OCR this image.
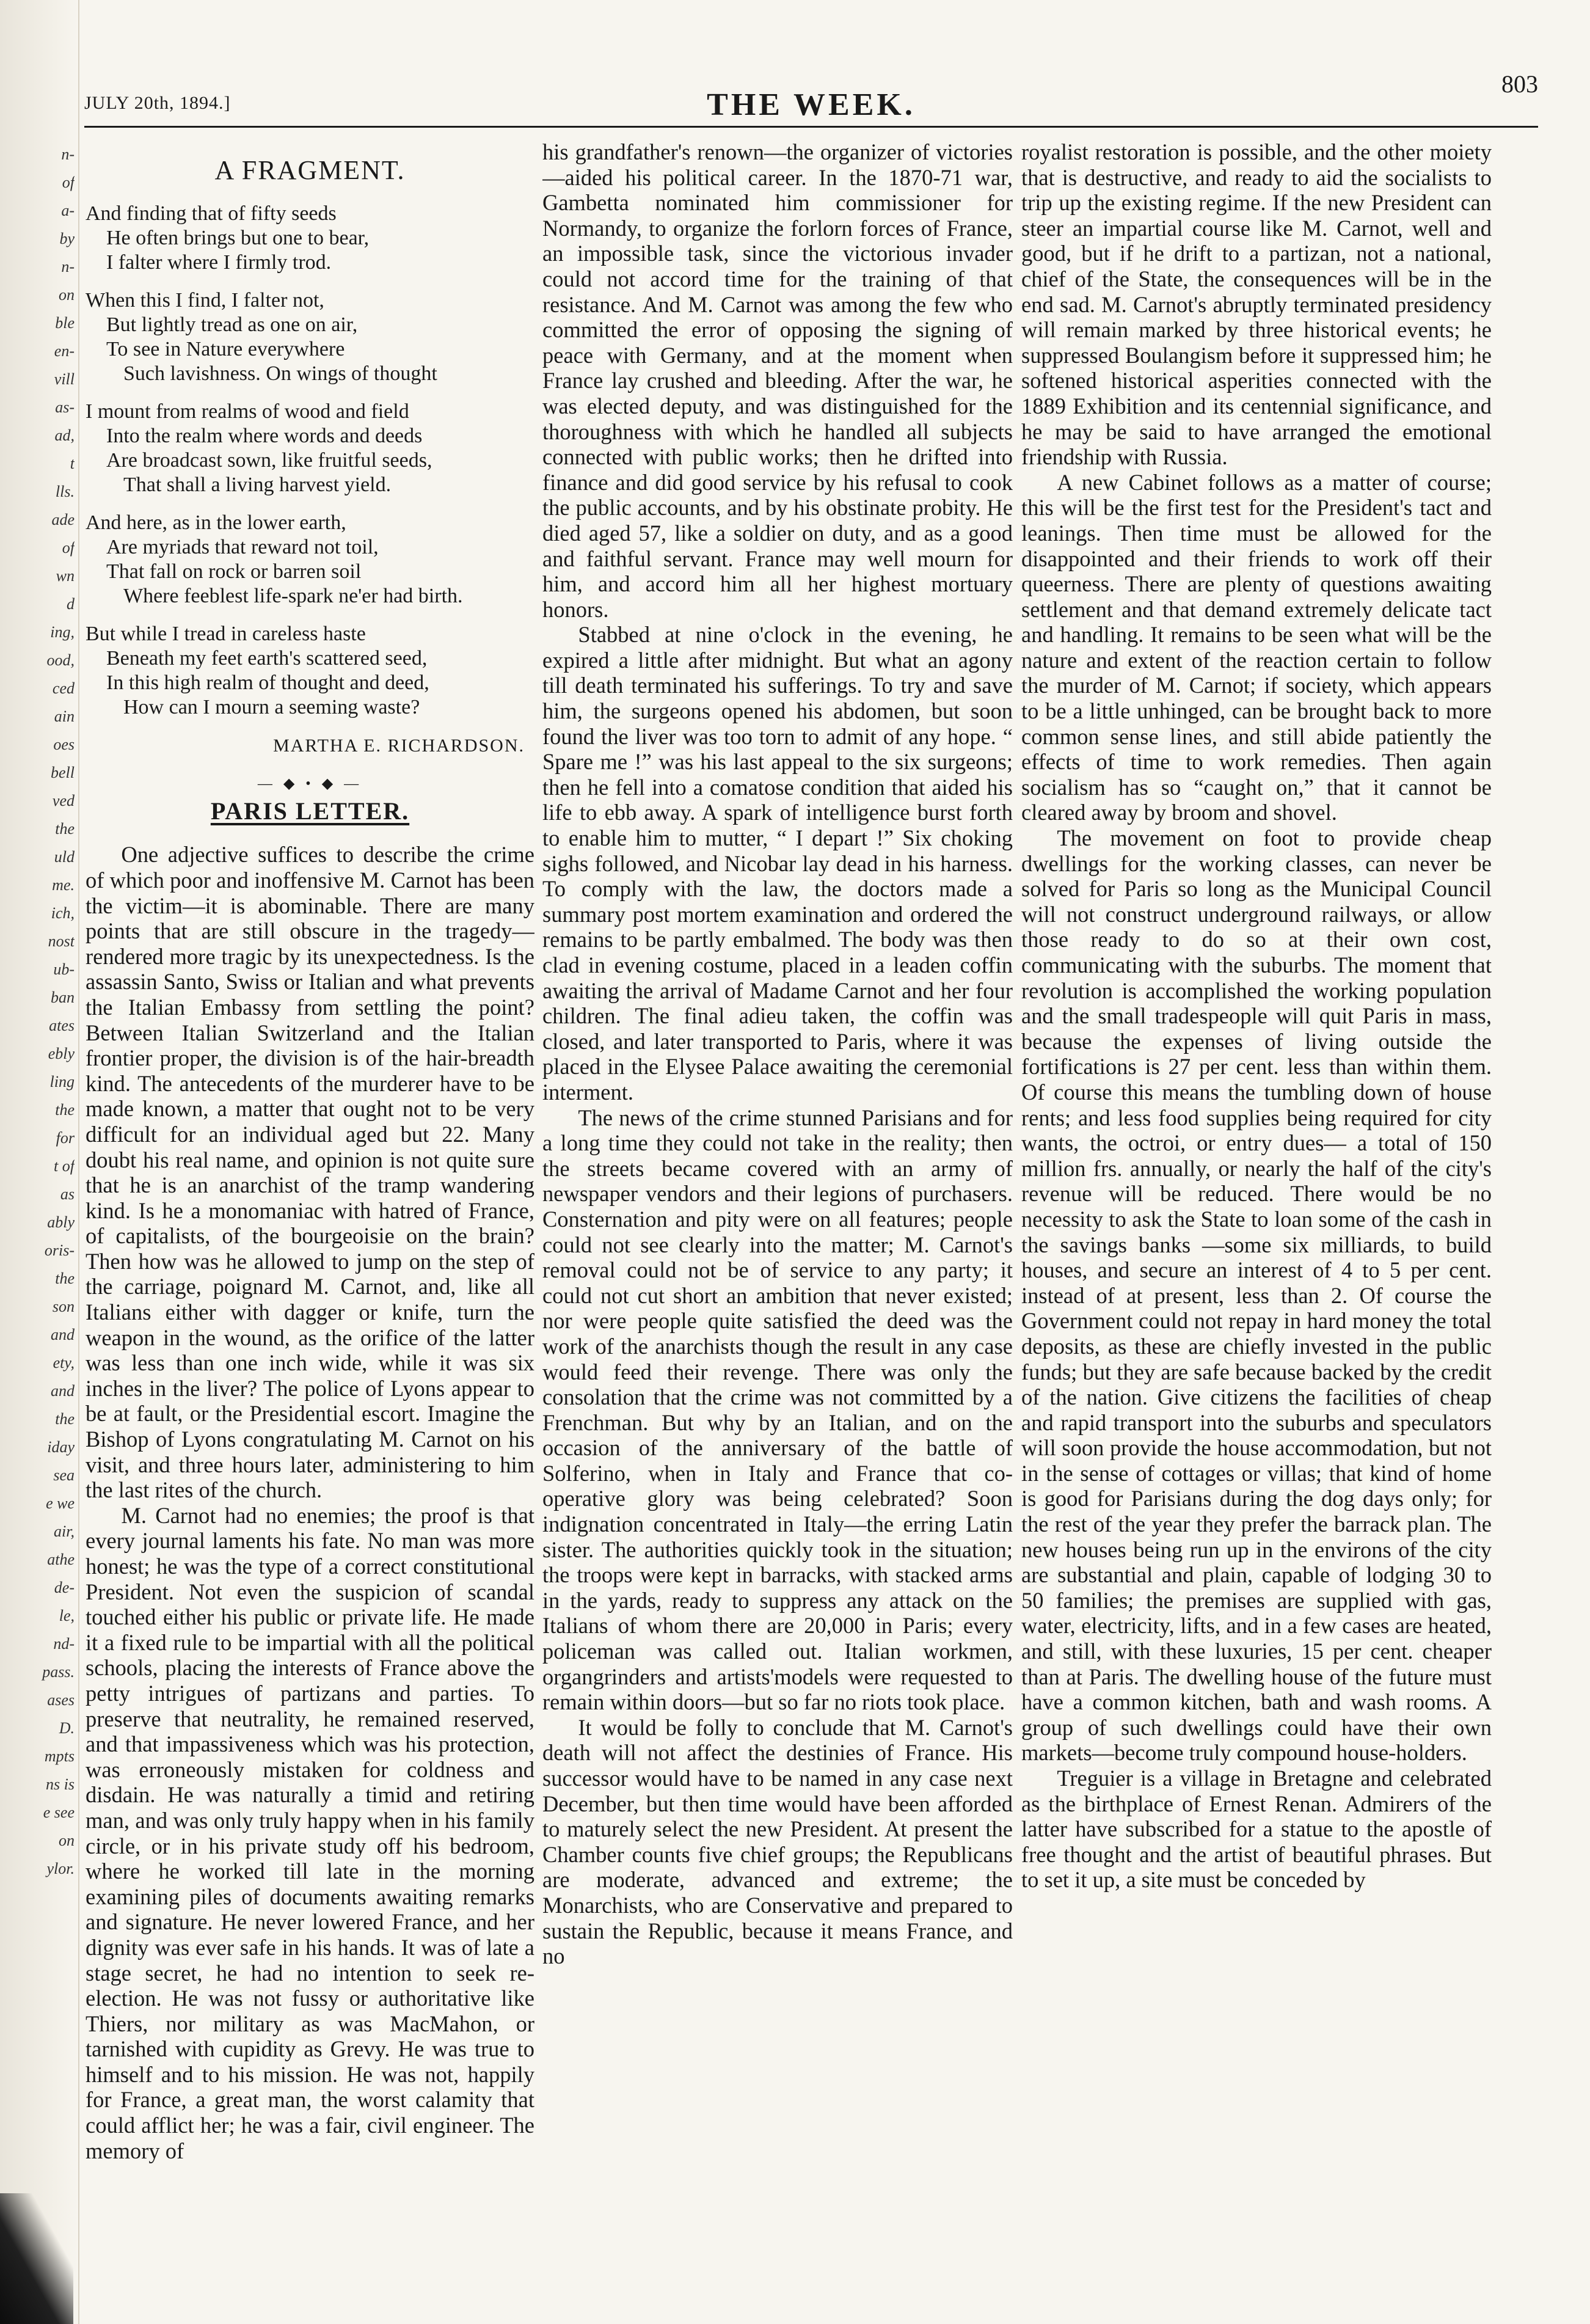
n-
of
a-
by
n-
on
ble
en-
vill
as-
ad,
t
lls.
ade
of
wn
d
ing,
ood,
ced
ain
oes
bell
ved
the
uld
me.
ich,
nost
ub-
ban
ates
ebly
ling
the
for
t of
as
ably
oris-
the
son
and
ety,
and
the
iday
sea
e we
air,
athe
de-
le,
nd-
pass.
ases
D.
mpts
ns is
e see
on
ylor.
JULY 20th, 1894.]	THE WEEK.
803
A FRAGMENT.
And finding that of fifty seeds
He often brings but one to bear,
I falter where I firmly trod.
When this I find, I falter not,
But lightly tread as one on air,
To see in Nature everywhere
Such lavishness. On wings of thought
I mount from realms of wood and field
Into the realm where words and deeds
Are broadcast sown, like fruitful seeds,
That shall a living harvest yield.
And here, as in the lower earth,
Are myriads that reward not toil,
That fall on rock or barren soil
Where feeblest life-spark ne'er had birth.
But while I tread in careless haste
Beneath my feet earth's scattered seed,
In this high realm of thought and deed,
How can I mourn a seeming waste?
MARTHA E. RICHARDSON.
— ◆ • ◆ —
PARIS LETTER.

One adjective suffices to describe the crime of which poor and inoffensive M. Carnot has been the victim—it is abominable. There are many points that are still obscure in the tragedy—rendered more tragic by its unexpectedness. Is the assassin Santo, Swiss or Italian and what prevents the Italian Embassy from settling the point? Between Italian Switzerland and the Italian frontier proper, the division is of the hair-breadth kind. The antecedents of the murderer have to be made known, a matter that ought not to be very difficult for an individual aged but 22. Many doubt his real name, and opinion is not quite sure that he is an anarchist of the tramp wandering kind. Is he a monomaniac with hatred of France, of capitalists, of the bourgeoisie on the brain? Then how was he allowed to jump on the step of the carriage, poignard M. Carnot, and, like all Italians either with dagger or knife, turn the weapon in the wound, as the orifice of the latter was less than one inch wide, while it was six inches in the liver? The police of Lyons appear to be at fault, or the Presidential escort. Imagine the Bishop of Lyons congratulating M. Carnot on his visit, and three hours later, administering to him the last rites of the church.

M. Carnot had no enemies; the proof is that every journal laments his fate. No man was more honest; he was the type of a correct constitutional President. Not even the suspicion of scandal touched either his public or private life. He made it a fixed rule to be impartial with all the political schools, placing the interests of France above the petty intrigues of partizans and parties. To preserve that neutrality, he remained reserved, and that impassiveness which was his protection, was erroneously mistaken for coldness and disdain. He was naturally a timid and retiring man, and was only truly happy when in his family circle, or in his private study off his bedroom, where he worked till late in the morning examining piles of documents awaiting remarks and signature. He never lowered France, and her dignity was ever safe in his hands. It was of late a stage secret, he had no intention to seek re-election. He was not fussy or authoritative like Thiers, nor military as was MacMahon, or tarnished with cupidity as Grevy. He was true to himself and to his mission. He was not, happily for France, a great man, the worst calamity that could afflict her; he was a fair, civil engineer. The memory of

his grandfather's renown—the organizer of victories—aided his political career. In the 1870-71 war, Gambetta nominated him commissioner for Normandy, to organize the forlorn forces of France, an impossible task, since the victorious invader could not accord time for the training of that resistance. And M. Carnot was among the few who committed the error of opposing the signing of peace with Germany, and at the moment when France lay crushed and bleeding. After the war, he was elected deputy, and was distinguished for the thoroughness with which he handled all subjects connected with public works; then he drifted into finance and did good service by his refusal to cook the public accounts, and by his obstinate probity. He died aged 57, like a soldier on duty, and as a good and faithful servant. France may well mourn for him, and accord him all her highest mortuary honors.

Stabbed at nine o'clock in the evening, he expired a little after midnight. But what an agony till death terminated his sufferings. To try and save him, the surgeons opened his abdomen, but soon found the liver was too torn to admit of any hope. “ Spare me !” was his last appeal to the six surgeons; then he fell into a comatose condition that aided his life to ebb away. A spark of intelligence burst forth to enable him to mutter, “ I depart !” Six choking sighs followed, and Nicobar lay dead in his harness. To comply with the law, the doctors made a summary post mortem examination and ordered the remains to be partly embalmed. The body was then clad in evening costume, placed in a leaden coffin awaiting the arrival of Madame Carnot and her four children. The final adieu taken, the coffin was closed, and later transported to Paris, where it was placed in the Elysee Palace awaiting the ceremonial interment.

The news of the crime stunned Parisians and for a long time they could not take in the reality; then the streets became covered with an army of newspaper vendors and their legions of purchasers. Consternation and pity were on all features; people could not see clearly into the matter; M. Carnot's removal could not be of service to any party; it could not cut short an ambition that never existed; nor were people quite satisfied the deed was the work of the anarchists though the result in any case would feed their revenge. There was only the consolation that the crime was not committed by a Frenchman. But why by an Italian, and on the occasion of the anniversary of the battle of Solferino, when in Italy and France that co-operative glory was being celebrated? Soon indignation concentrated in Italy—the erring Latin sister. The authorities quickly took in the situation; the troops were kept in barracks, with stacked arms in the yards, ready to suppress any attack on the Italians of whom there are 20,000 in Paris; every policeman was called out. Italian workmen, organgrinders and artists'models were requested to remain within doors—but so far no riots took place.

It would be folly to conclude that M. Carnot's death will not affect the destinies of France. His successor would have to be named in any case next December, but then time would have been afforded to maturely select the new President. At present the Chamber counts five chief groups; the Republicans are moderate, advanced and extreme; the Monarchists, who are Conservative and prepared to sustain the Republic, because it means France, and no

royalist restoration is possible, and the other moiety that is destructive, and ready to aid the socialists to trip up the existing regime. If the new President can steer an impartial course like M. Carnot, well and good, but if he drift to a partizan, not a national, chief of the State, the consequences will be in the end sad. M. Carnot's abruptly terminated presidency will remain marked by three historical events; he suppressed Boulangism before it suppressed him; he softened historical asperities connected with the 1889 Exhibition and its centennial significance, and he may be said to have arranged the emotional friendship with Russia.

A new Cabinet follows as a matter of course; this will be the first test for the President's tact and leanings. Then time must be allowed for the disappointed and their friends to work off their queerness. There are plenty of questions awaiting settlement and that demand extremely delicate tact and handling. It remains to be seen what will be the nature and extent of the reaction certain to follow the murder of M. Carnot; if society, which appears to be a little unhinged, can be brought back to more common sense lines, and still abide patiently the effects of time to work remedies. Then again socialism has so “caught on,” that it cannot be cleared away by broom and shovel.

The movement on foot to provide cheap dwellings for the working classes, can never be solved for Paris so long as the Municipal Council will not construct underground railways, or allow those ready to do so at their own cost, communicating with the suburbs. The moment that revolution is accomplished the working population and the small tradespeople will quit Paris in mass, because the expenses of living outside the fortifications is 27 per cent. less than within them. Of course this means the tumbling down of house rents; and less food supplies being required for city wants, the octroi, or entry dues— a total of 150 million frs. annually, or nearly the half of the city's revenue will be reduced. There would be no necessity to ask the State to loan some of the cash in the savings banks —some six milliards, to build houses, and secure an interest of 4 to 5 per cent. instead of at present, less than 2. Of course the Government could not repay in hard money the total deposits, as these are chiefly invested in the public funds; but they are safe because backed by the credit of the nation. Give citizens the facilities of cheap and rapid transport into the suburbs and speculators will soon provide the house accommodation, but not in the sense of cottages or villas; that kind of home is good for Parisians during the dog days only; for the rest of the year they prefer the barrack plan. The new houses being run up in the environs of the city are substantial and plain, capable of lodging 30 to 50 families; the premises are supplied with gas, water, electricity, lifts, and in a few cases are heated, and still, with these luxuries, 15 per cent. cheaper than at Paris. The dwelling house of the future must have a common kitchen, bath and wash rooms. A group of such dwellings could have their own markets—become truly compound house-holders.

Treguier is a village in Bretagne and celebrated as the birthplace of Ernest Renan. Admirers of the latter have subscribed for a statue to the apostle of free thought and the artist of beautiful phrases. But to set it up, a site must be conceded by
